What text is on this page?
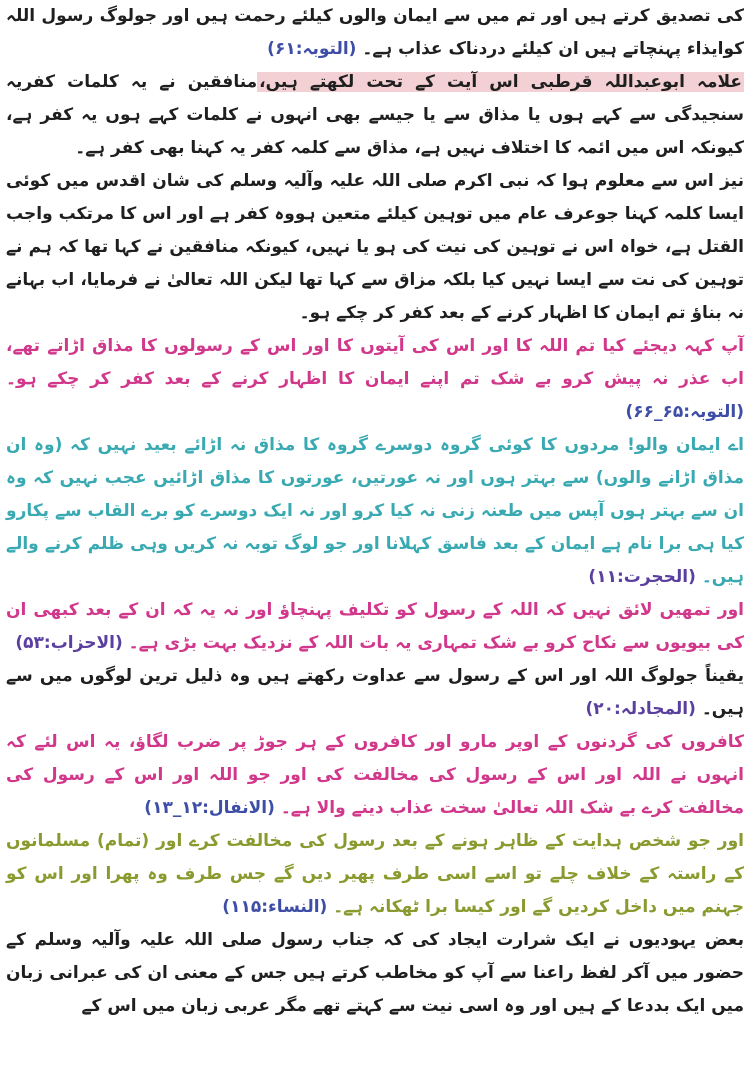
کی تصدیق کرتے ہیں اور تم میں سے ایمان والوں کیلئے رحمت ہیں اور جولوگ رسول اللہ کوایذاء پہنچاتے ہیں ان کیلئے دردناک عذاب ہے۔ (التوبہ:۶۱)

علامہ ابوعبداللہ قرطبی اس آیت کے تحت لکھتے ہیں،منافقین نے یہ کلمات کفریہ سنجیدگی سے کہے ہوں یا مذاق سے یا جیسے بھی انہوں نے کلمات کہے ہوں یہ کفر ہے، کیونکہ اس میں ائمہ کا اختلاف نہیں ہے، مذاق سے کلمہ کفر یہ کہنا بھی کفر ہے۔

نیز اس سے معلوم ہوا کہ نبی اکرم صلی اللہ علیہ وآلیہ وسلم کی شان اقدس میں کوئی ایسا کلمہ کہنا جوعرف عام میں توہین کیلئے متعین ہووہ کفر ہے اور اس کا مرتکب واجب القتل ہے، خواہ اس نے توہین کی نیت کی ہو یا نہیں، کیونکہ منافقین نے کہا تھا کہ ہم نے توہین کی نت سے ایسا نہیں کیا بلکہ مزاق سے کہا تھا لیکن اللہ تعالیٰ نے فرمایا، اب بہانے نہ بناؤ تم ایمان کا اظہار کرنے کے بعد کفر کر چکے ہو۔

آپ کہہ دیجئے کیا تم اللہ کا اور اس کی آیتوں کا اور اس کے رسولوں کا مذاق اڑاتے تھے، اب عذر نہ پیش کرو بے شک تم اپنے ایمان کا اظہار کرنے کے بعد کفر کر چکے ہو۔ (التوبہ:۶۵_۶۶)

اے ایمان والو! مردوں کا کوئی گروہ دوسرے گروہ کا مذاق نہ اڑائے بعید نہیں کہ (وہ ان مذاق اڑانے والوں) سے بہتر ہوں اور نہ عورتیں، عورتوں کا مذاق اڑائیں عجب نہیں کہ وہ ان سے بہتر ہوں آپس میں طعنہ زنی نہ کیا کرو اور نہ ایک دوسرے کو برے القاب سے پکارو کیا ہی برا نام ہے ایمان کے بعد فاسق کہلانا اور جو لوگ توبہ نہ کریں وہی ظلم کرنے والے ہیں۔ (الحجرت:۱۱)

اور تمھیں لائق نہیں کہ اللہ کے رسول کو تکلیف پہنچاؤ اور نہ یہ کہ ان کے بعد کبھی ان کی بیویوں سے نکاح کرو بے شک تمہاری یہ بات اللہ کے نزدیک بہت بڑی ہے۔ (الاحزاب:۵۳)

یقیناً جولوگ اللہ اور اس کے رسول سے عداوت رکھتے ہیں وہ ذلیل ترین لوگوں میں سے ہیں۔ (المجادلہ:۲۰)

کافروں کی گردنوں کے اوپر مارو اور کافروں کے ہر جوڑ پر ضرب لگاؤ، یہ اس لئے کہ انہوں نے اللہ اور اس کے رسول کی مخالفت کی اور جو اللہ اور اس کے رسول کی مخالفت کرے بے شک اللہ تعالیٰ سخت عذاب دینے والا ہے۔ (الانفال:۱۲_۱۳)

اور جو شخص ہدایت کے ظاہر ہونے کے بعد رسول کی مخالفت کرے اور (تمام) مسلمانوں کے راستہ کے خلاف چلے تو اسے اسی طرف پھیر دیں گے جس طرف وہ پھرا اور اس کو جہنم میں داخل کردیں گے اور کیسا برا ٹھکانہ ہے۔ (النساء:۱۱۵)

بعض یہودیوں نے ایک شرارت ایجاد کی کہ جناب رسول صلی اللہ علیہ وآلیہ وسلم کے حضور میں آکر لفظ راعنا سے آپ کو مخاطب کرتے ہیں جس کے معنی ان کی عبرانی زبان میں ایک بددعا کے ہیں اور وہ اسی نیت سے کہتے تھے مگر عربی زبان میں اس کے
